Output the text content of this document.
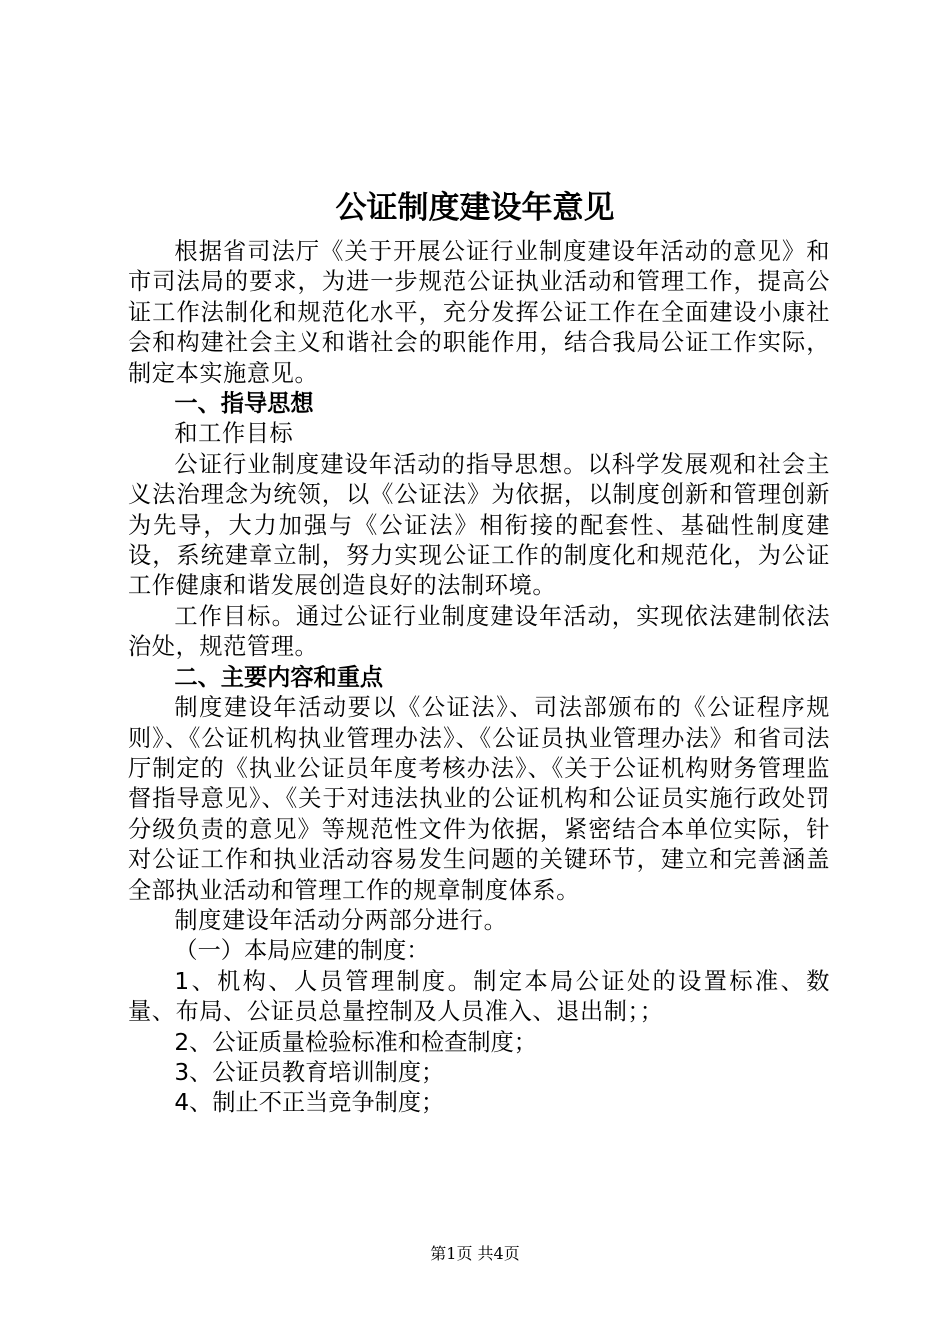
公证制度建设年意见

根据省司法厅《关于开展公证行业制度建设年活动的意见》和市司法局的要求，为进一步规范公证执业活动和管理工作，提高公证工作法制化和规范化水平，充分发挥公证工作在全面建设小康社会和构建社会主义和谐社会的职能作用，结合我局公证工作实际，制定本实施意见。

一、指导思想

和工作目标

公证行业制度建设年活动的指导思想。以科学发展观和社会主义法治理念为统领，以《公证法》为依据，以制度创新和管理创新为先导，大力加强与《公证法》相衔接的配套性、基础性制度建设，系统建章立制，努力实现公证工作的制度化和规范化，为公证工作健康和谐发展创造良好的法制环境。

工作目标。通过公证行业制度建设年活动，实现依法建制依法治处，规范管理。

二、主要内容和重点

制度建设年活动要以《公证法》、司法部颁布的《公证程序规则》、《公证机构执业管理办法》、《公证员执业管理办法》和省司法厅制定的《执业公证员年度考核办法》、《关于公证机构财务管理监督指导意见》、《关于对违法执业的公证机构和公证员实施行政处罚分级负责的意见》等规范性文件为依据，紧密结合本单位实际，针对公证工作和执业活动容易发生问题的关键环节，建立和完善涵盖全部执业活动和管理工作的规章制度体系。

制度建设年活动分两部分进行。

（一）本局应建的制度：

1、机构、人员管理制度。制定本局公证处的设置标准、数量、布局、公证员总量控制及人员准入、退出制；；

2、公证质量检验标准和检查制度；

3、公证员教育培训制度；

4、制止不正当竞争制度；

第1页 共4页
